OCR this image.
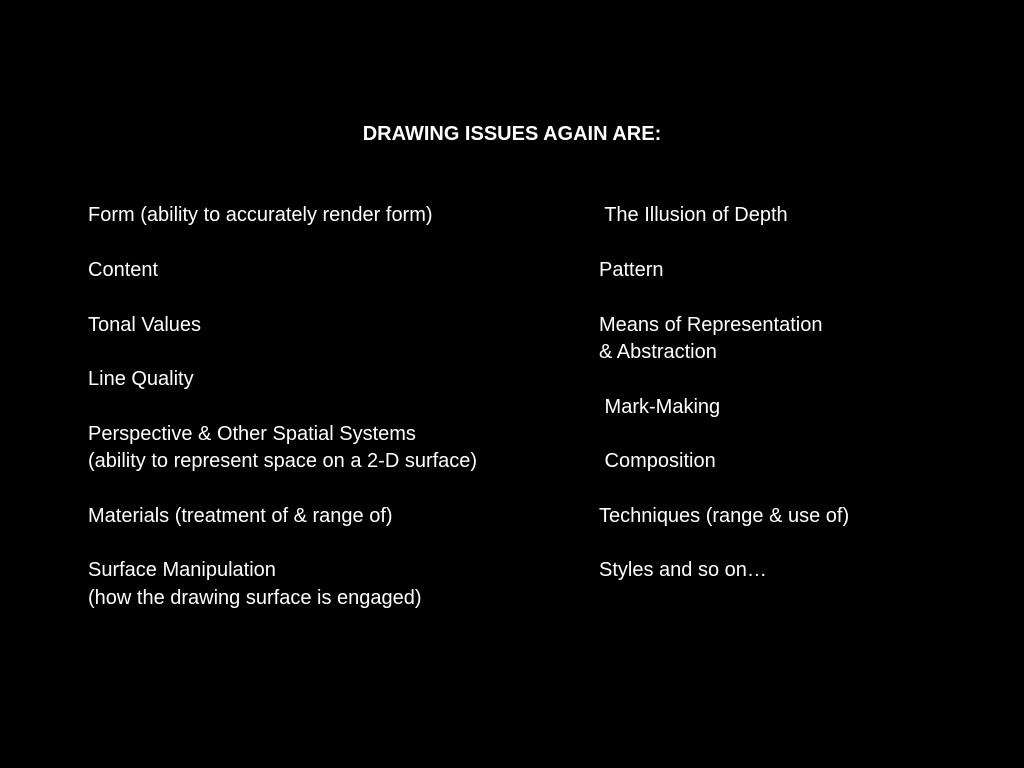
DRAWING ISSUES AGAIN ARE:
Form (ability to accurately render form)
Content
Tonal Values
Line Quality
Perspective & Other Spatial Systems
(ability to represent space on a 2-D surface)
Materials (treatment of & range of)
Surface Manipulation
(how the drawing surface is engaged)
The Illusion of Depth
Pattern
Means of Representation
& Abstraction
Mark-Making
Composition
Techniques (range & use of)
Styles and so on…
